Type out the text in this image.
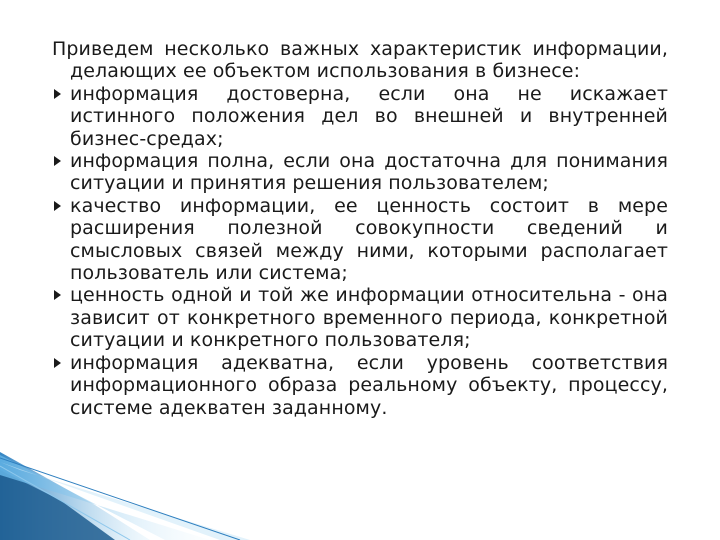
Приведем несколько важных характеристик информации, делающих ее объектом использования в бизнесе:

информация достоверна, если она не искажает истинного положения дел во внешней и внутренней бизнес-средах;
информация полна, если она достаточна для понимания ситуации и принятия решения пользователем;
качество информации, ее ценность состоит в мере расширения полезной совокупности сведений и смысловых связей между ними, которыми располагает пользователь или система;
ценность одной и той же информации относительна - она зависит от конкретного временного периода, конкретной ситуации и конкретного пользователя;
информация адекватна, если уровень соответствия информационного образа реальному объекту, процессу, системе адекватен заданному.
